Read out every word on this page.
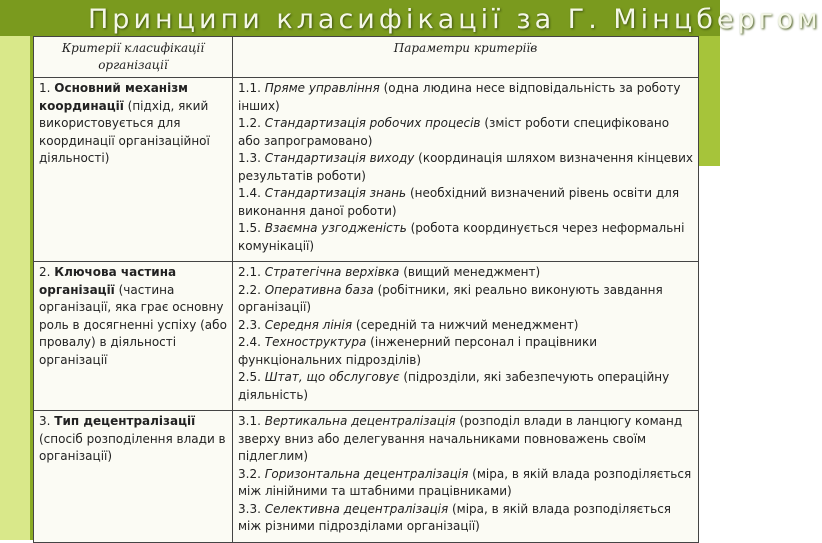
Принципи класифікації за Г. Мінцбергом
Критерії класифікації організації	Параметри критеріїв
1. Основний механізм координації (підхід, який використовується для координації організаційної діяльності)	1.1. Пряме управління (одна людина несе відповідальність за роботу інших)
1.2. Стандартизація робочих процесів (зміст роботи специфіковано або запрограмовано)
1.3. Стандартизація виходу (координація шляхом визначення кінцевих результатів роботи)
1.4. Стандартизація знань (необхідний визначений рівень освіти для виконання даної роботи)
1.5. Взаємна узгодженість (робота координується через неформальні комунікації)

2. Ключова частина організації (частина організації, яка грає основну роль в досягненні успіху (або провалу) в діяльності організації	2.1. Стратегічна верхівка (вищий менеджмент)
2.2. Оперативна база (робітники, які реально виконують завдання організації)
2.3. Середня лінія (середній та нижчий менеджмент)
2.4. Техноструктура (інженерний персонал і працівники функціональних підрозділів)
2.5. Штат, що обслуговує (підрозділи, які забезпечують операційну діяльність)

3. Тип децентралізації (спосіб розподілення влади в організації)	3.1. Вертикальна децентралізація (розподіл влади в ланцюгу команд зверху вниз або делегування начальниками повноважень своїм підлеглим)
3.2. Горизонтальна децентралізація (міра, в якій влада розподіляється між лінійними та штабними працівниками)
3.3. Селективна децентралізація (міра, в якій влада розподіляється між різними підрозділами організації)
